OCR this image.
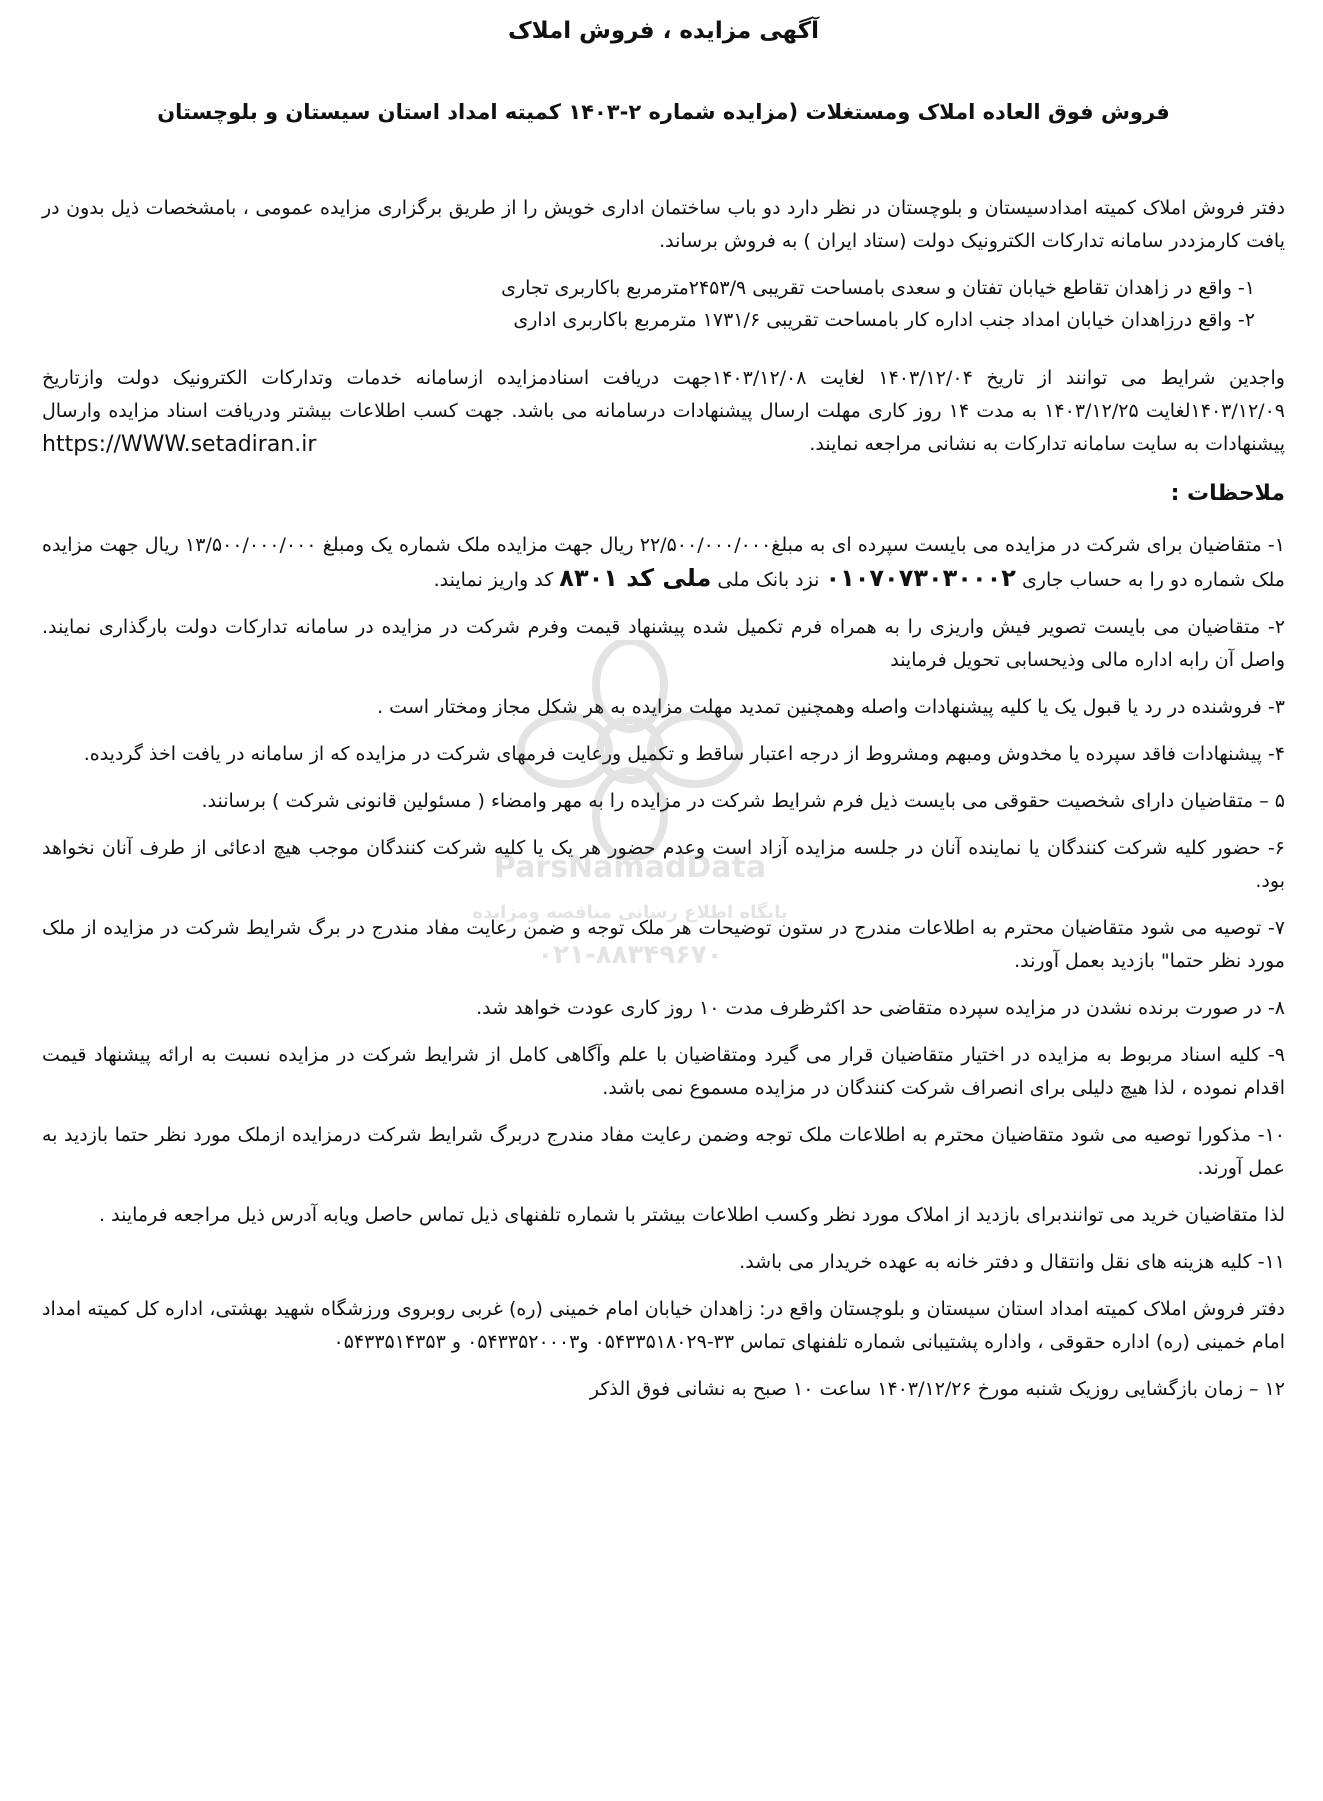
ParsNamadData
پایگاه اطلاع رسانی مناقصه ومزایده
۰۲۱-۸۸۳۴۹۶۷۰
آگهی مزایده ، فروش املاک
فروش فوق العاده املاک ومستغلات (مزایده شماره ۲-۱۴۰۳ کمیته امداد استان سیستان و بلوچستان

دفتر فروش املاک کمیته امدادسیستان و بلوچستان در نظر دارد دو باب ساختمان اداری خویش را از طریق برگزاری مزایده عمومی ، بامشخصات ذیل بدون در یافت کارمزددر سامانه تدارکات الکترونیک دولت (ستاد ایران ) به فروش برساند.

۱- واقع در زاهدان تقاطع خیابان تفتان و سعدی بامساحت تقریبی ۲۴۵۳/۹مترمربع باکاربری تجاری
۲- واقع درزاهدان خیابان امداد جنب اداره کار بامساحت تقریبی ۱۷۳۱/۶ مترمربع باکاربری اداری

واجدین شرایط می توانند از تاریخ ۱۴۰۳/۱۲/۰۴ لغایت ۱۴۰۳/۱۲/۰۸جهت دریافت اسنادمزایده ازسامانه خدمات وتدارکات الکترونیک دولت وازتاریخ ۱۴۰۳/۱۲/۰۹لغایت ۱۴۰۳/۱۲/۲۵ به مدت ۱۴ روز کاری مهلت ارسال پیشنهادات درسامانه می باشد. جهت کسب اطلاعات بیشتر ودریافت اسناد مزایده وارسال پیشنهادات به سایت سامانه تدارکات به نشانی مراجعه نمایند.
https://WWW.setadiran.ir

ملاحظات :

۱- متقاضیان برای شرکت در مزایده می بایست سپرده ای به مبلغ۲۲/۵۰۰/۰۰۰/۰۰۰ ریال جهت مزایده ملک شماره یک ومبلغ ۱۳/۵۰۰/۰۰۰/۰۰۰ ریال جهت مزایده ملک شماره دو را به حساب جاری ۰۱۰۷۰۷۳۰۳۰۰۰۲ نزد بانک ملی ملی کد ۸۳۰۱ کد واریز نمایند.

۲- متقاضیان می بایست تصویر فیش واریزی را به همراه فرم تکمیل شده پیشنهاد قیمت وفرم شرکت در مزایده در سامانه تدارکات دولت بارگذاری نمایند. واصل آن رابه اداره مالی وذیحسابی تحویل فرمایند

۳- فروشنده در رد یا قبول یک یا کلیه پیشنهادات واصله وهمچنین تمدید مهلت مزایده به هر شکل مجاز ومختار است .

۴- پیشنهادات فاقد سپرده یا مخدوش ومبهم ومشروط از درجه اعتبار ساقط و تکمیل ورعایت فرمهای شرکت در مزایده که از سامانه در یافت اخذ گردیده.

۵ – متقاضیان دارای شخصیت حقوقی می بایست ذیل فرم شرایط شرکت در مزایده را به مهر وامضاء ( مسئولین قانونی شرکت ) برسانند.

۶- حضور کلیه شرکت کنندگان یا نماینده آنان در جلسه مزایده آزاد است وعدم حضور هر یک یا کلیه شرکت کنندگان موجب هیچ ادعائی از طرف آنان نخواهد بود.

۷- توصیه می شود متقاضیان محترم به اطلاعات مندرج در ستون توضیحات هر ملک توجه و ضمن رعایت مفاد مندرج در برگ شرایط شرکت در مزایده از ملک مورد نظر حتما" بازدید بعمل آورند.

۸- در صورت برنده نشدن در مزایده سپرده متقاضی حد اکثرظرف مدت ۱۰ روز کاری عودت خواهد شد.

۹- کلیه اسناد مربوط به مزایده در اختیار متقاضیان قرار می گیرد ومتقاضیان با علم وآگاهی کامل از شرایط شرکت در مزایده نسبت به ارائه پیشنهاد قیمت اقدام نموده ، لذا هیچ دلیلی برای انصراف شرکت کنندگان در مزایده مسموع نمی باشد.

۱۰- مذکورا توصیه می شود متقاضیان محترم به اطلاعات ملک توجه وضمن رعایت مفاد مندرج دربرگ شرایط شرکت درمزایده ازملک مورد نظر حتما بازدید به عمل آورند.

لذا متقاضیان خرید می توانندبرای بازدید از املاک مورد نظر وکسب اطلاعات بیشتر با شماره تلفنهای ذیل تماس حاصل ویابه آدرس ذیل مراجعه فرمایند .

۱۱- کلیه هزینه های نقل وانتقال و دفتر خانه به عهده خریدار می باشد.

دفتر فروش املاک کمیته امداد استان سیستان و بلوچستان واقع در: زاهدان خیابان امام خمینی (ره) غربی روبروی ورزشگاه شهید بهشتی، اداره کل کمیته امداد امام خمینی (ره) اداره حقوقی ، واداره پشتیبانی شماره تلفنهای تماس ۳۳-۰۵۴۳۳۵۱۸۰۲۹ و۰۵۴۳۳۵۲۰۰۰۳ و ۰۵۴۳۳۵۱۴۳۵۳

۱۲ – زمان بازگشایی روزیک شنبه مورخ ۱۴۰۳/۱۲/۲۶ ساعت ۱۰ صبح به نشانی فوق الذکر
